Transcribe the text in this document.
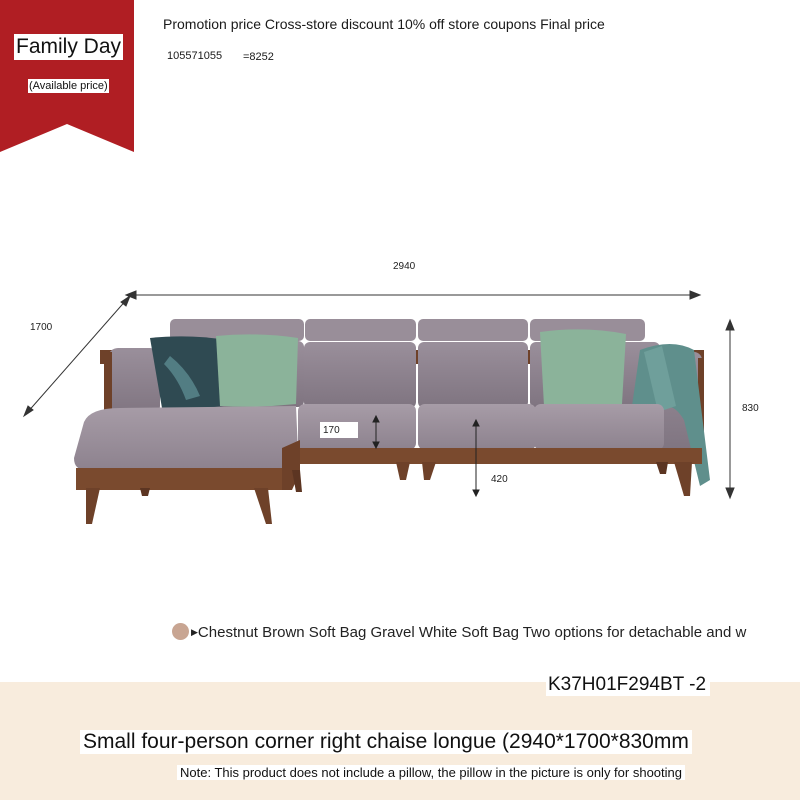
Family Day
(Available price)
Promotion price Cross-store discount 10% off store coupons Final price
105571055 =8252
2940
1700
830
170
420
▶Chestnut Brown Soft Bag Gravel White Soft Bag Two options for detachable and w
K37H01F294BT -2
Small four-person corner right chaise longue (2940*1700*830mm
Note: This product does not include a pillow, the pillow in the picture is only for shooting
